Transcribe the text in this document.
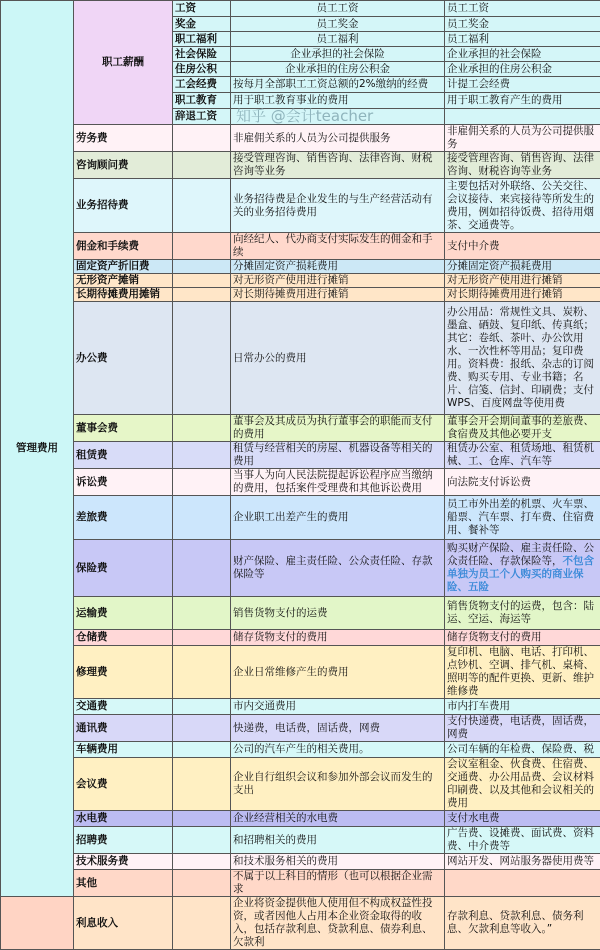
管理费用	职工薪酬	工资	员工工资	员工工资
		奖金	员工奖金	员工奖金
		职工福利	员工福利	员工福利
		社会保险	企业承担的社会保险	企业承担的社会保险
		住房公积	企业承担的住房公积金	企业承担的住房公积金
		工会经费	按每月全部职工工资总额的2%缴纳的经费	计提工会经费
		职工教育	用于职工教育事业的费用	用于职工教育产生的费用
		辞退工资		
	劳务费		非雇佣关系的人员为公司提供服务	非雇佣关系的人员为公司提供服务
	咨询顾问费		接受管理咨询、销售咨询、法律咨询、财税咨询等业务	接受管理咨询、销售咨询、法律咨询、财税咨询等业务
	业务招待费		业务招待费是企业发生的与生产经营活动有关的业务招待费用	主要包括对外联络、公关交往、会议接待、来宾接待等所发生的费用，例如招待饭费、招待用烟茶、交通费等。
	佣金和手续费		向经纪人、代办商支付实际发生的佣金和手续	支付中介费
	固定资产折旧费		分摊固定资产损耗费用	分摊固定资产损耗费用
	无形资产摊销		对无形资产使用进行摊销	对无形资产使用进行摊销
	长期待摊费用摊销		对长期待摊费用进行摊销	对长期待摊费用进行摊销
	办公费		日常办公的费用	办公用品：常规性文具、炭粉、墨盒、硒鼓、复印纸、传真纸；其它：卷纸、茶叶、办公饮用水、一次性杯等用品；复印费用。资料费：报纸、杂志的订阅费、购买专用、专业书籍；名片、信笺、信封、印刷费；支付WPS、百度网盘等使用费
	董事会费		董事会及其成员为执行董事会的职能而支付的费用	董事会开会期间董事的差旅费、食宿费及其他必要开支
	租赁费		租赁与经营相关的房屋、机器设备等相关的费用	租赁办公室、租赁场地、租赁机械、工、仓库、汽车等
	诉讼费		当事人为向人民法院提起诉讼程序应当缴纳的费用，包括案件受理费和其他诉讼费用	向法院支付诉讼费
	差旅费		企业职工出差产生的费用	员工市外出差的机票、火车票、船票、汽车票、打车费、住宿费用、餐补等
	保险费		财产保险、雇主责任险、公众责任险、存款保险等	购买财产保险、雇主责任险、公众责任险、存款保险等，不包含单独为员工个人购买的商业保险、五险
	运输费		销售货物支付的运费	销售货物支付的运费，包含：陆运、空运、海运等
	仓储费		储存货物支付的费用	储存货物支付的费用
	修理费		企业日常维修产生的费用	复印机、电脑、电话、打印机、点钞机、空调、排气机、桌椅、照明等的配件更换、更新、维护维修费
	交通费		市内交通费用	市内打车费用
	通讯费		快递费，电话费，固话费，网费	支付快递费，电话费，固话费，网费
	车辆费用		公司的汽车产生的相关费用。	公司车辆的年检费、保险费、税
	会议费		企业自行组织会议和参加外部会议而发生的支出	会议室租金、伙食费、住宿费、交通费、办公用品费、会议材料印刷费、以及其他和会议相关的费用
	水电费		企业经营相关的水电费	支付水电费
	招聘费		和招聘相关的费用	广告费、设摊费、面试费、资料费、中介费等
	技术服务费		和技术服务相关的费用	网站开发、网站服务器使用费等
	其他		不属于以上科目的情形（也可以根据企业需求	
	利息收入		企业将资金提供他人使用但不构成权益性投资，或者因他人占用本企业资金取得的收入，包括存款利息、贷款利息、债券利息、欠款利	存款利息、贷款利息、债务利息、欠款利息等收入。”
知乎 @会计teacher
